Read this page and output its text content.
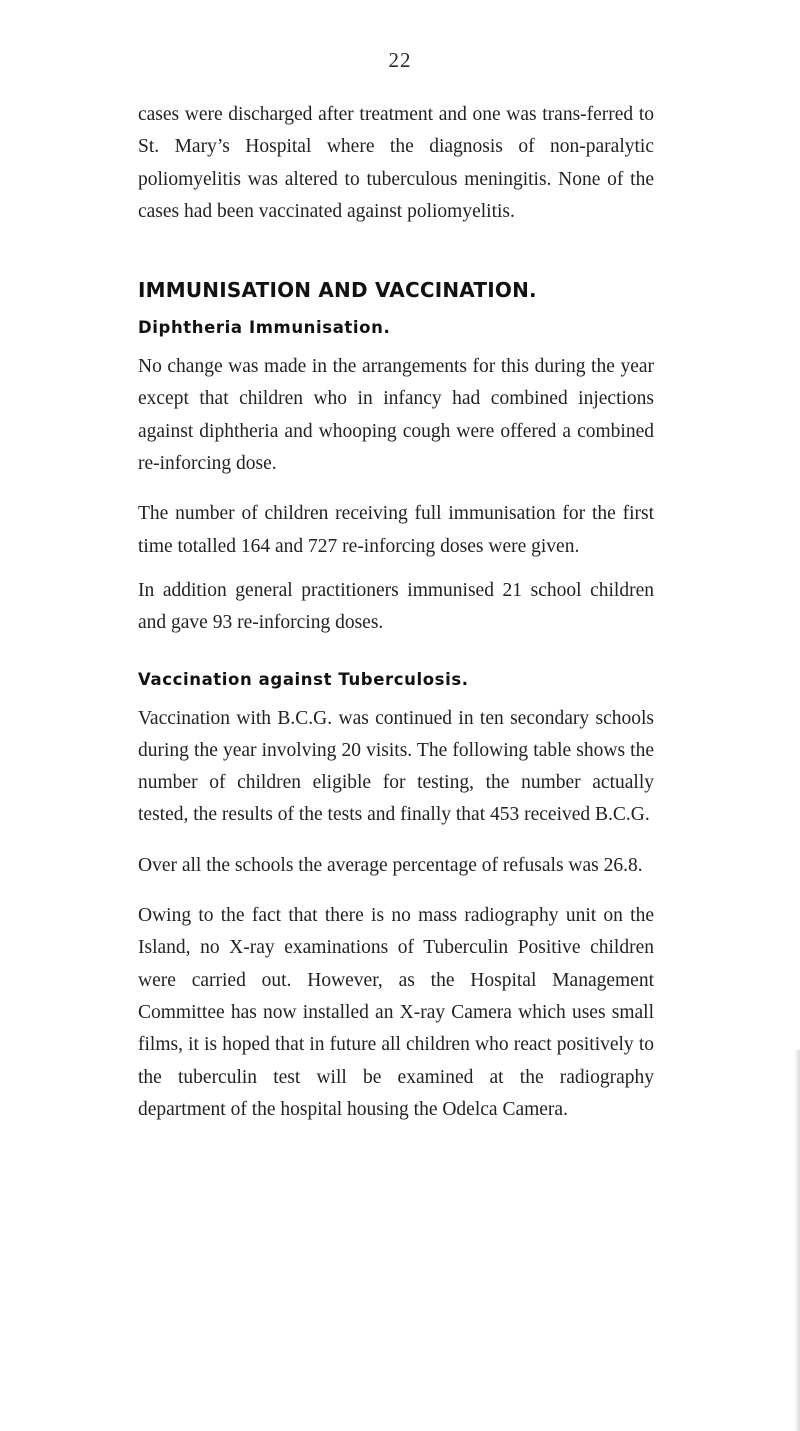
22

cases were discharged after treatment and one was trans-ferred to St. Mary’s Hospital where the diagnosis of non-paralytic poliomyelitis was altered to tuberculous meningitis. None of the cases had been vaccinated against poliomyelitis.

IMMUNISATION AND VACCINATION.
Diphtheria Immunisation.

No change was made in the arrangements for this during the year except that children who in infancy had combined injections against diphtheria and whooping cough were offered a combined re-inforcing dose.

The number of children receiving full immunisation for the first time totalled 164 and 727 re-inforcing doses were given.

In addition general practitioners immunised 21 school children and gave 93 re-inforcing doses.

Vaccination against Tuberculosis.

Vaccination with B.C.G. was continued in ten secondary schools during the year involving 20 visits. The following table shows the number of children eligible for testing, the number actually tested, the results of the tests and finally that 453 received B.C.G.

Over all the schools the average percentage of refusals was 26.8.

Owing to the fact that there is no mass radiography unit on the Island, no X-ray examinations of Tuberculin Positive children were carried out. However, as the Hospital Management Committee has now installed an X-ray Camera which uses small films, it is hoped that in future all children who react positively to the tuberculin test will be examined at the radiography department of the hospital housing the Odelca Camera.
